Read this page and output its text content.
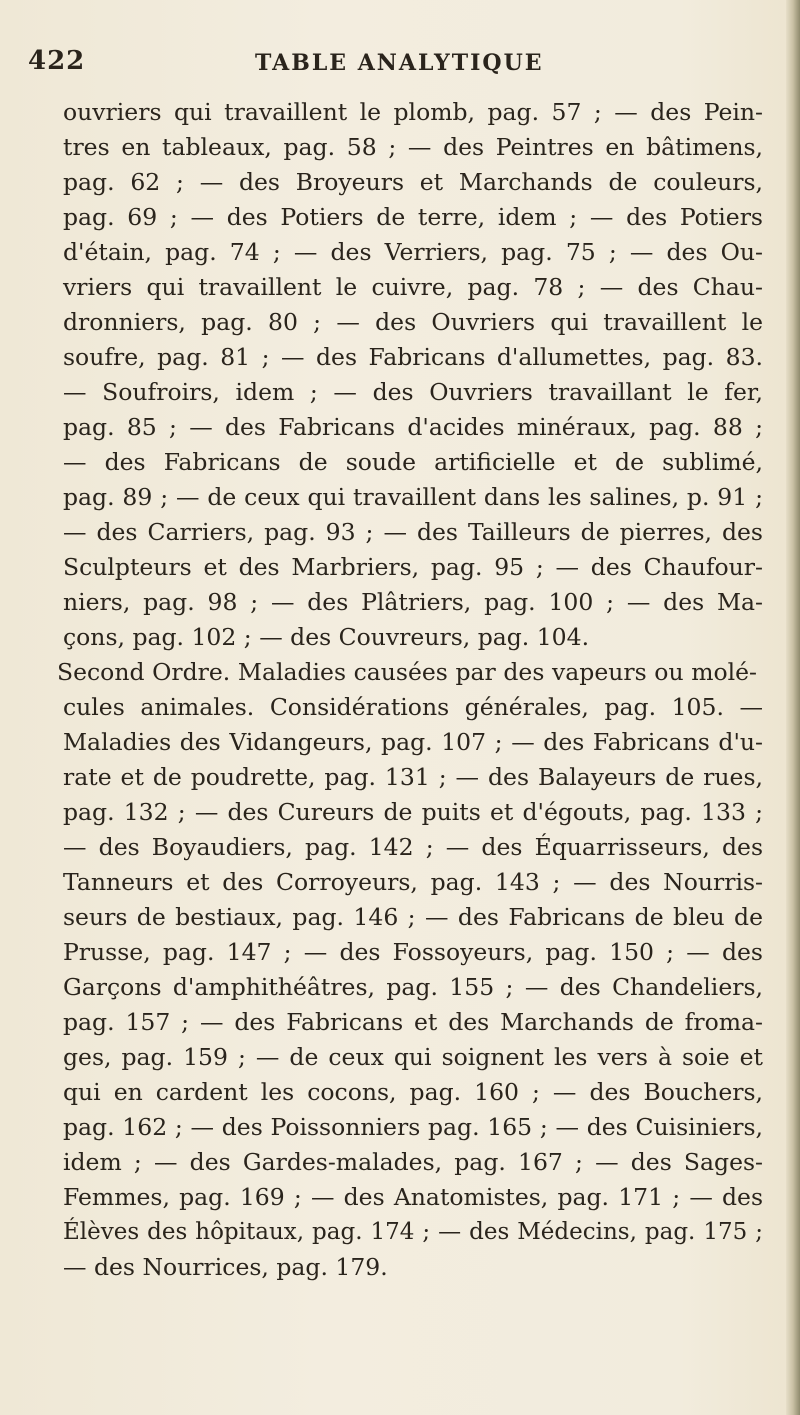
422	TABLE ANALYTIQUE
ouvriers qui travaillent le plomb, pag. 57 ; — des Pein-
tres en tableaux, pag. 58 ; — des Peintres en bâtimens,
pag. 62 ; — des Broyeurs et Marchands de couleurs,
pag. 69 ; — des Potiers de terre, idem ; — des Potiers
d'étain, pag. 74 ; — des Verriers, pag. 75 ; — des Ou-
vriers qui travaillent le cuivre, pag. 78 ; — des Chau-
dronniers, pag. 80 ; — des Ouvriers qui travaillent le
soufre, pag. 81 ; — des Fabricans d'allumettes, pag. 83.
— Soufroirs, idem ; — des Ouvriers travaillant le fer,
pag. 85 ; — des Fabricans d'acides minéraux, pag. 88 ;
— des Fabricans de soude artificielle et de sublimé,
pag. 89 ; — de ceux qui travaillent dans les salines, p. 91 ;
— des Carriers, pag. 93 ; — des Tailleurs de pierres, des
Sculpteurs et des Marbriers, pag. 95 ; — des Chaufour-
niers, pag. 98 ; — des Plâtriers, pag. 100 ; — des Ma-
çons, pag. 102 ; — des Couvreurs, pag. 104.
Second Ordre. Maladies causées par des vapeurs ou molé-
cules animales. Considérations générales, pag. 105. —
Maladies des Vidangeurs, pag. 107 ; — des Fabricans d'u-
rate et de poudrette, pag. 131 ; — des Balayeurs de rues,
pag. 132 ; — des Cureurs de puits et d'égouts, pag. 133 ;
— des Boyaudiers, pag. 142 ; — des Équarrisseurs, des
Tanneurs et des Corroyeurs, pag. 143 ; — des Nourris-
seurs de bestiaux, pag. 146 ; — des Fabricans de bleu de
Prusse, pag. 147 ; — des Fossoyeurs, pag. 150 ; — des
Garçons d'amphithéâtres, pag. 155 ; — des Chandeliers,
pag. 157 ; — des Fabricans et des Marchands de froma-
ges, pag. 159 ; — de ceux qui soignent les vers à soie et
qui en cardent les cocons, pag. 160 ; — des Bouchers,
pag. 162 ; — des Poissonniers pag. 165 ; — des Cuisiniers,
idem ; — des Gardes-malades, pag. 167 ; — des Sages-
Femmes, pag. 169 ; — des Anatomistes, pag. 171 ; — des
Élèves des hôpitaux, pag. 174 ; — des Médecins, pag. 175 ;
— des Nourrices, pag. 179.
